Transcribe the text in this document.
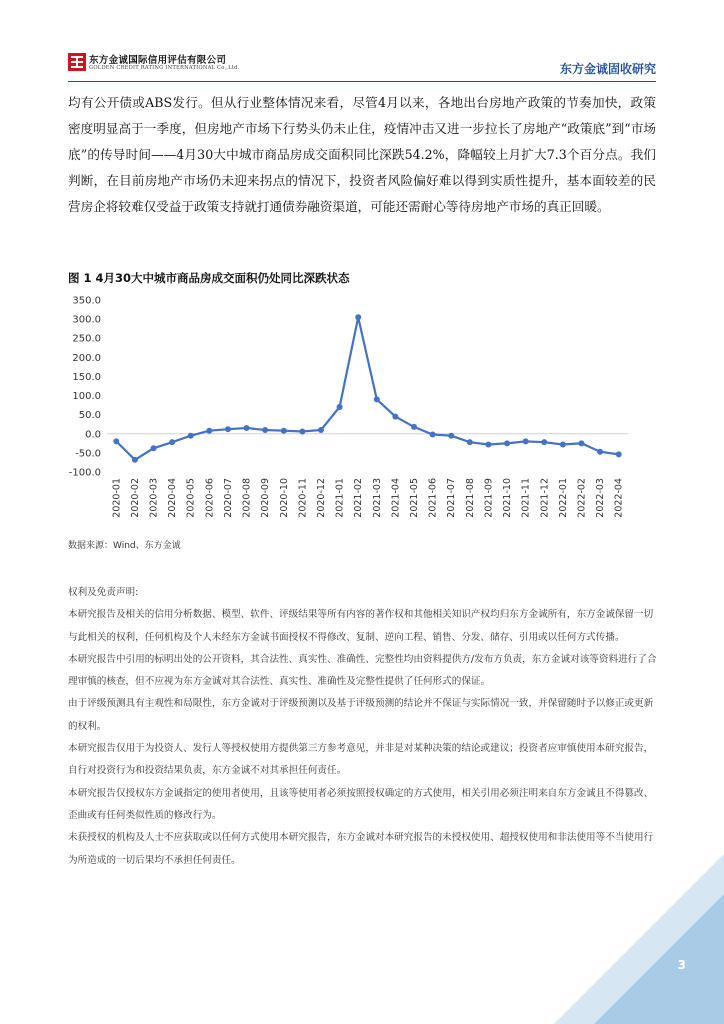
东方金诚国际信用评估有限公司
GOLDEN CREDIT RATING INTERNATIONAL Co.,Ltd.	东方金诚固收研究

均有公开债或ABS发行。但从行业整体情况来看，尽管4月以来，各地出台房地产政策的节奏加快，政策密度明显高于一季度，但房地产市场下行势头仍未止住，疫情冲击又进一步拉长了房地产“政策底”到“市场底”的传导时间——4月30大中城市商品房成交面积同比深跌54.2%，降幅较上月扩大7.3个百分点。我们判断，在目前房地产市场仍未迎来拐点的情况下，投资者风险偏好难以得到实质性提升，基本面较差的民营房企将较难仅受益于政策支持就打通债券融资渠道，可能还需耐心等待房地产市场的真正回暖。

图 1 4月30大中城市商品房成交面积仍处同比深跌状态
350.0
300.0
250.0
200.0
150.0
100.0
50.0
0.0
-50.0
-100.0
2020-01 2020-02 2020-03 2020-04 2020-05 2020-06 2020-07 2020-08 2020-09 2020-10 2020-11 2020-12 2021-01 2021-02 2021-03 2021-04 2021-05 2021-06 2021-07 2021-08 2021-09 2021-10 2021-11 2021-12 2022-01 2022-02 2022-03 2022-04
数据来源：Wind、东方金诚

权利及免责声明:

本研究报告及相关的信用分析数据、模型、软件、评级结果等所有内容的著作权和其他相关知识产权均归东方金诚所有，东方金诚保留一切与此相关的权利，任何机构及个人未经东方金诚书面授权不得修改、复制、逆向工程、销售、分发、储存、引用或以任何方式传播。

本研究报告中引用的标明出处的公开资料，其合法性、真实性、准确性、完整性均由资料提供方/发布方负责，东方金诚对该等资料进行了合理审慎的核查，但不应视为东方金诚对其合法性、真实性、准确性及完整性提供了任何形式的保证。

由于评级预测具有主观性和局限性，东方金诚对于评级预测以及基于评级预测的结论并不保证与实际情况一致，并保留随时予以修正或更新的权利。

本研究报告仅用于为投资人、发行人等授权使用方提供第三方参考意见，并非是对某种决策的结论或建议；投资者应审慎使用本研究报告，自行对投资行为和投资结果负责，东方金诚不对其承担任何责任。

本研究报告仅授权东方金诚指定的使用者使用，且该等使用者必须按照授权确定的方式使用，相关引用必须注明来自东方金诚且不得篡改、歪曲或有任何类似性质的修改行为。

未获授权的机构及人士不应获取或以任何方式使用本研究报告，东方金诚对本研究报告的未授权使用、超授权使用和非法使用等不当使用行为所造成的一切后果均不承担任何责任。

3
